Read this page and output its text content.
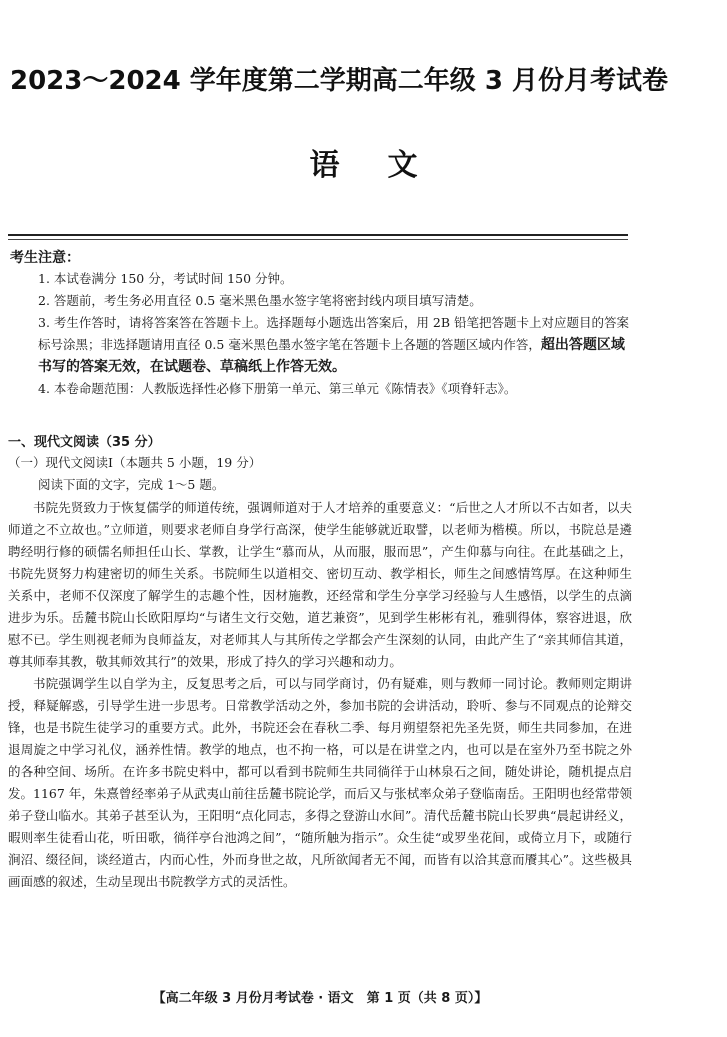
2023～2024 学年度第二学期高二年级 3 月份月考试卷
语文
考生注意：

1. 本试卷满分 150 分，考试时间 150 分钟。

2. 答题前，考生务必用直径 0.5 毫米黑色墨水签字笔将密封线内项目填写清楚。

3. 考生作答时，请将答案答在答题卡上。选择题每小题选出答案后，用 2B 铅笔把答题卡上对应题目的答案标号涂黑；非选择题请用直径 0.5 毫米黑色墨水签字笔在答题卡上各题的答题区域内作答，超出答题区域书写的答案无效，在试题卷、草稿纸上作答无效。

4. 本卷命题范围：人教版选择性必修下册第一单元、第三单元《陈情表》《项脊轩志》。

一、现代文阅读（35 分）
（一）现代文阅读Ⅰ（本题共 5 小题，19 分）
阅读下面的文字，完成 1～5 题。

书院先贤致力于恢复儒学的师道传统，强调师道对于人才培养的重要意义：“后世之人才所以不古如者，以夫师道之不立故也。”立师道，则要求老师自身学行高深，使学生能够就近取譬，以老师为楷模。所以，书院总是遴聘经明行修的硕儒名师担任山长、掌教，让学生“慕而从，从而服，服而思”，产生仰慕与向往。在此基础之上，书院先贤努力构建密切的师生关系。书院师生以道相交、密切互动、教学相长，师生之间感情笃厚。在这种师生关系中，老师不仅深度了解学生的志趣个性，因材施教，还经常和学生分享学习经验与人生感悟，以学生的点滴进步为乐。岳麓书院山长欧阳厚均“与诸生文行交勉，道艺兼资”，见到学生彬彬有礼，雅驯得体，察容进退，欣慰不已。学生则视老师为良师益友，对老师其人与其所传之学都会产生深刻的认同，由此产生了“亲其师信其道，尊其师奉其教，敬其师效其行”的效果，形成了持久的学习兴趣和动力。

书院强调学生以自学为主，反复思考之后，可以与同学商讨，仍有疑难，则与教师一同讨论。教师则定期讲授，释疑解惑，引导学生进一步思考。日常教学活动之外，参加书院的会讲活动，聆听、参与不同观点的论辩交锋，也是书院生徒学习的重要方式。此外，书院还会在春秋二季、每月朔望祭祀先圣先贤，师生共同参加，在进退周旋之中学习礼仪，涵养性情。教学的地点，也不拘一格，可以是在讲堂之内，也可以是在室外乃至书院之外的各种空间、场所。在许多书院史料中，都可以看到书院师生共同徜徉于山林泉石之间，随处讲论，随机提点启发。1167 年，朱熹曾经率弟子从武夷山前往岳麓书院论学，而后又与张栻率众弟子登临南岳。王阳明也经常带领弟子登山临水。其弟子甚至认为，王阳明“点化同志，多得之登游山水间”。清代岳麓书院山长罗典“晨起讲经义，暇则率生徒看山花，听田歌，徜徉亭台池鸿之间”，“随所触为指示”。众生徒“或罗坐花间，或倚立月下，或随行涧沼、缀径间，谈经道古，内而心性，外而身世之故，凡所欲闻者无不闻，而皆有以洽其意而餍其心”。这些极具画面感的叙述，生动呈现出书院教学方式的灵活性。

【高二年级 3 月份月考试卷 · 语文　第 1 页（共 8 页）】
